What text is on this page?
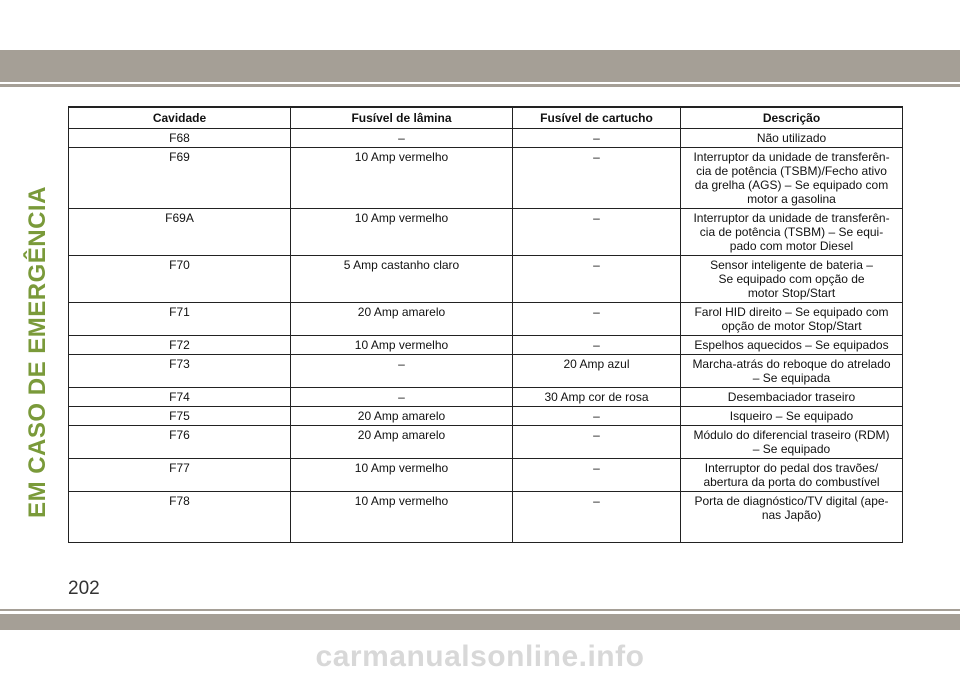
EM CASO DE EMERGÊNCIA
Cavidade	Fusível de lâmina	Fusível de cartucho	Descrição
F68	–	–	Não utilizado
F69	10 Amp vermelho	–	Interruptor da unidade de transferên-
cia de potência (TSBM)/Fecho ativo
da grelha (AGS) – Se equipado com
motor a gasolina
F69A	10 Amp vermelho	–	Interruptor da unidade de transferên-
cia de potência (TSBM) – Se equi-
pado com motor Diesel
F70	5 Amp castanho claro	–	Sensor inteligente de bateria –
Se equipado com opção de
motor Stop/Start
F71	20 Amp amarelo	–	Farol HID direito – Se equipado com
opção de motor Stop/Start
F72	10 Amp vermelho	–	Espelhos aquecidos – Se equipados
F73	–	20 Amp azul	Marcha-atrás do reboque do atrelado
– Se equipada
F74	–	30 Amp cor de rosa	Desembaciador traseiro
F75	20 Amp amarelo	–	Isqueiro – Se equipado
F76	20 Amp amarelo	–	Módulo do diferencial traseiro (RDM)
– Se equipado
F77	10 Amp vermelho	–	Interruptor do pedal dos travões/
abertura da porta do combustível
F78	10 Amp vermelho	–	Porta de diagnóstico/TV digital (ape-
nas Japão)
202
carmanualsonline.info
